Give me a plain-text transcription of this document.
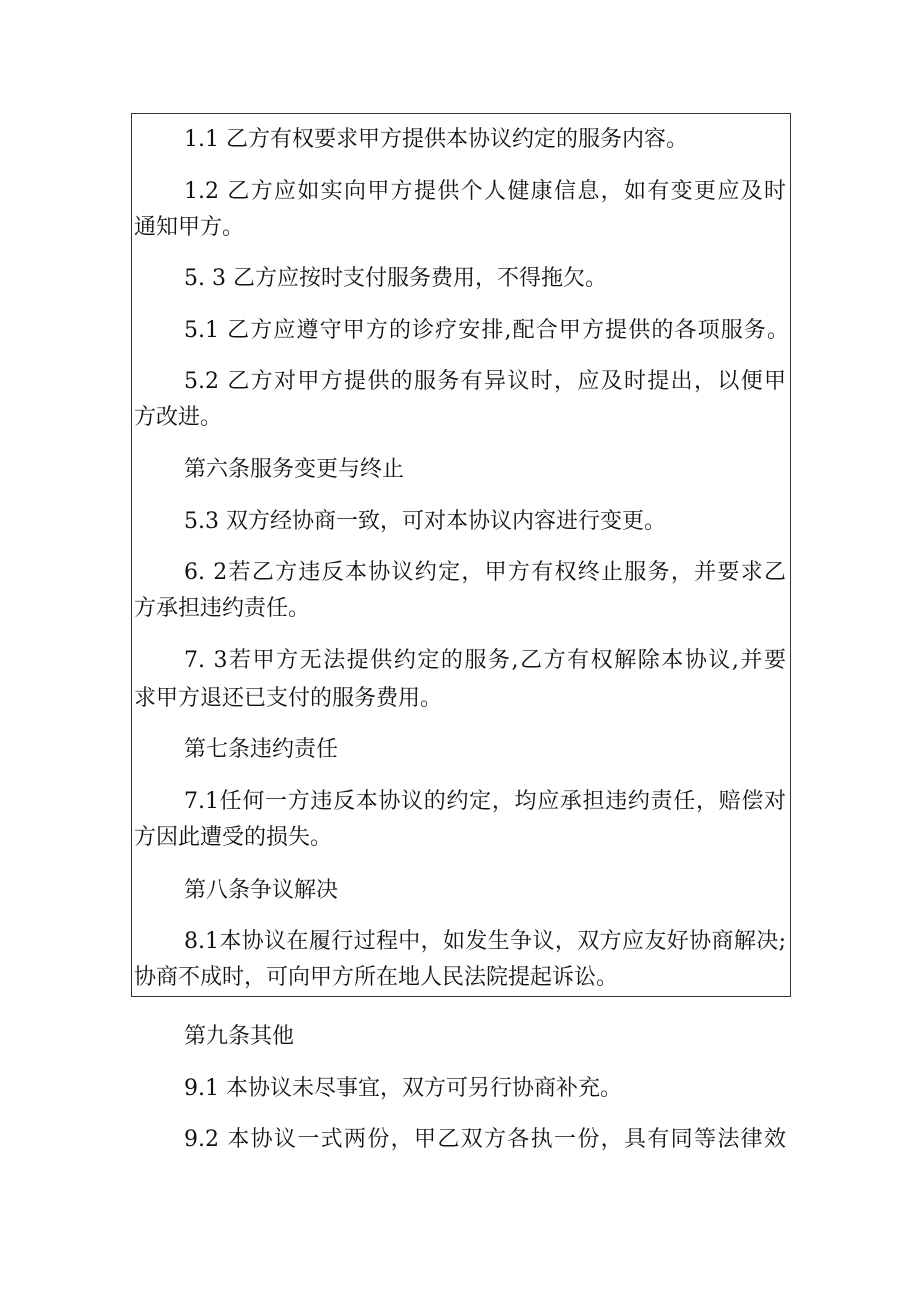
1.1 乙方有权要求甲方提供本协议约定的服务内容。
1.2 乙方应如实向甲方提供个人健康信息，如有变更应及时
通知甲方。
5. 3 乙方应按时支付服务费用，不得拖欠。
5.1 乙方应遵守甲方的诊疗安排,配合甲方提供的各项服务。
5.2 乙方对甲方提供的服务有异议时，应及时提出，以便甲
方改进。
第六条服务变更与终止
5.3 双方经协商一致，可对本协议内容进行变更。
6. 2若乙方违反本协议约定，甲方有权终止服务，并要求乙
方承担违约责任。
7. 3若甲方无法提供约定的服务,乙方有权解除本协议,并要
求甲方退还已支付的服务费用。
第七条违约责任
7.1任何一方违反本协议的约定，均应承担违约责任，赔偿对
方因此遭受的损失。
第八条争议解决
8.1本协议在履行过程中，如发生争议，双方应友好协商解决;
协商不成时，可向甲方所在地人民法院提起诉讼。
第九条其他
9.1 本协议未尽事宜，双方可另行协商补充。
9.2 本协议一式两份，甲乙双方各执一份，具有同等法律效
